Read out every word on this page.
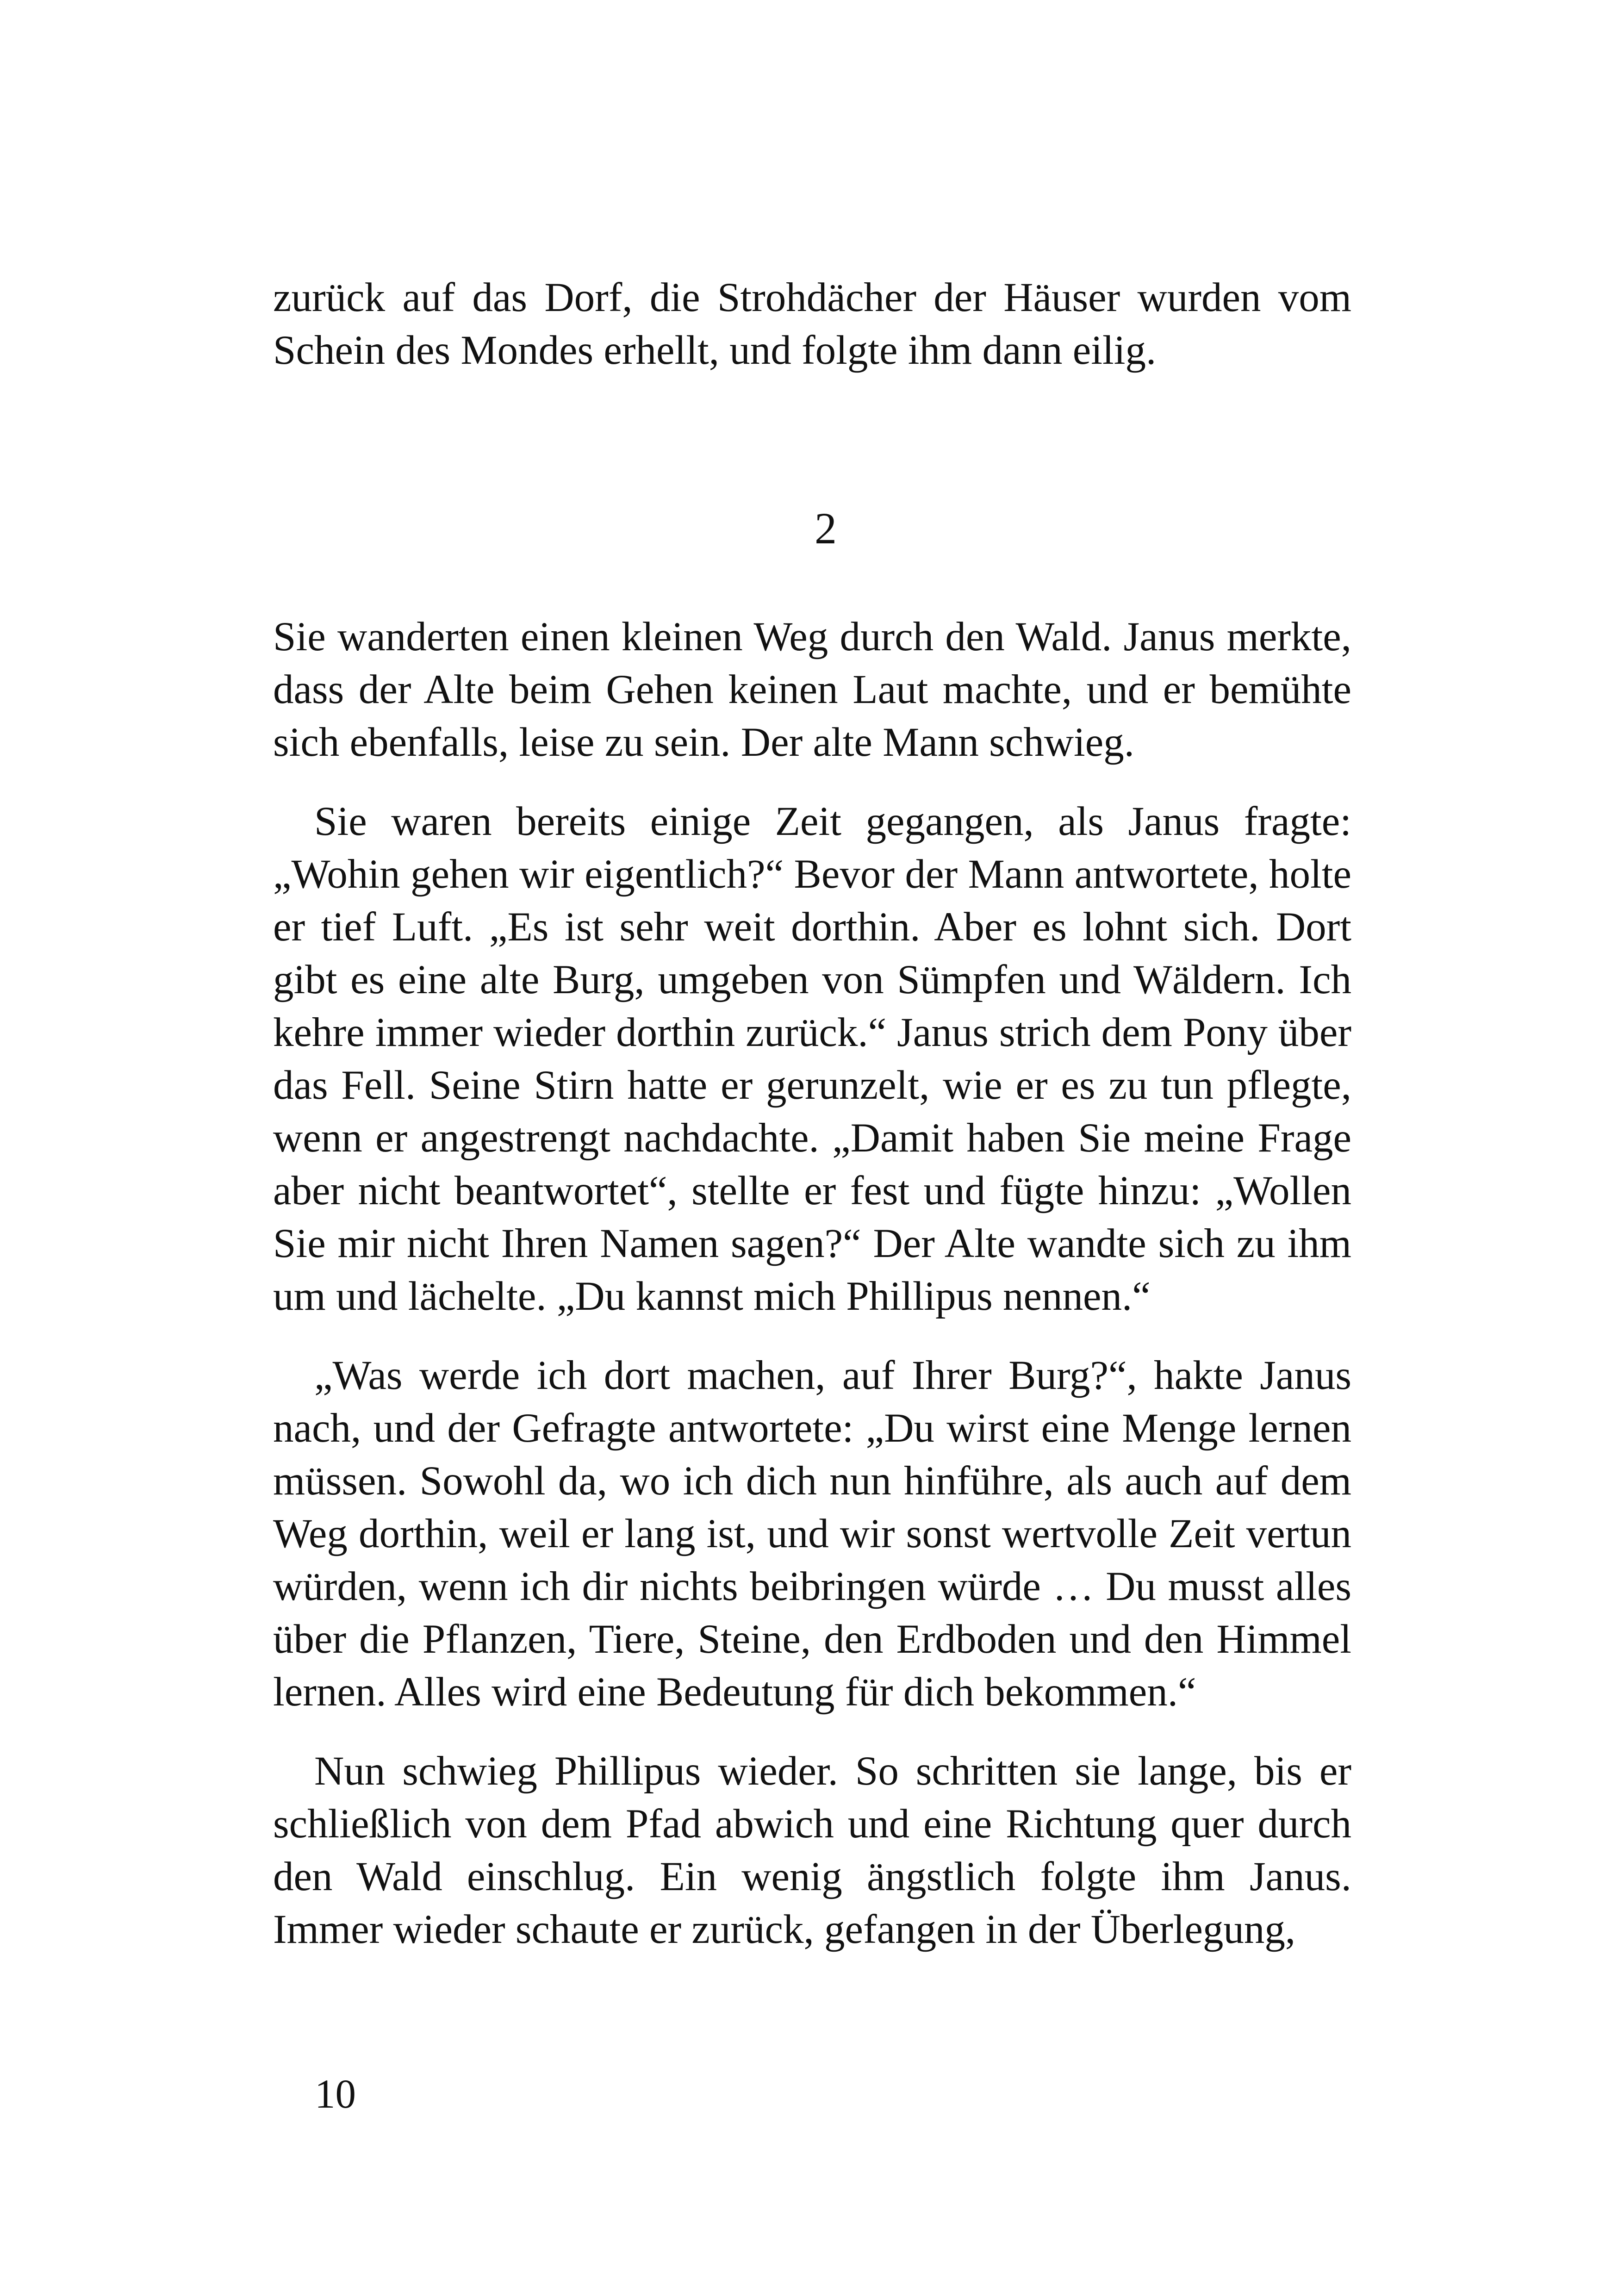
zurück auf das Dorf, die Strohdächer der Häuser wurden vom Schein des Mondes erhellt, und folgte ihm dann eilig.

2

Sie wanderten einen kleinen Weg durch den Wald. Janus merkte, dass der Alte beim Gehen keinen Laut machte, und er bemühte sich ebenfalls, leise zu sein. Der alte Mann schwieg.

Sie waren bereits einige Zeit gegangen, als Janus fragte: „Wohin gehen wir eigentlich?“ Bevor der Mann antwortete, holte er tief Luft. „Es ist sehr weit dorthin. Aber es lohnt sich. Dort gibt es eine alte Burg, umgeben von Sümpfen und Wäldern. Ich kehre immer wieder dorthin zurück.“ Janus strich dem Pony über das Fell. Seine Stirn hatte er gerunzelt, wie er es zu tun pflegte, wenn er angestrengt nachdachte. „Damit haben Sie meine Frage aber nicht beantwortet“, stellte er fest und fügte hinzu: „Wollen Sie mir nicht Ihren Namen sagen?“ Der Alte wandte sich zu ihm um und lächelte. „Du kannst mich Phillipus nennen.“

„Was werde ich dort machen, auf Ihrer Burg?“, hakte Janus nach, und der Gefragte antwortete: „Du wirst eine Menge lernen müssen. Sowohl da, wo ich dich nun hinführe, als auch auf dem Weg dorthin, weil er lang ist, und wir sonst wertvolle Zeit vertun würden, wenn ich dir nichts beibringen würde … Du musst alles über die Pflanzen, Tiere, Steine, den Erdboden und den Himmel lernen. Alles wird eine Bedeutung für dich bekommen.“

Nun schwieg Phillipus wieder. So schritten sie lange, bis er schließlich von dem Pfad abwich und eine Richtung quer durch den Wald einschlug. Ein wenig ängstlich folgte ihm Janus. Immer wieder schaute er zurück, gefangen in der Überlegung,

10
